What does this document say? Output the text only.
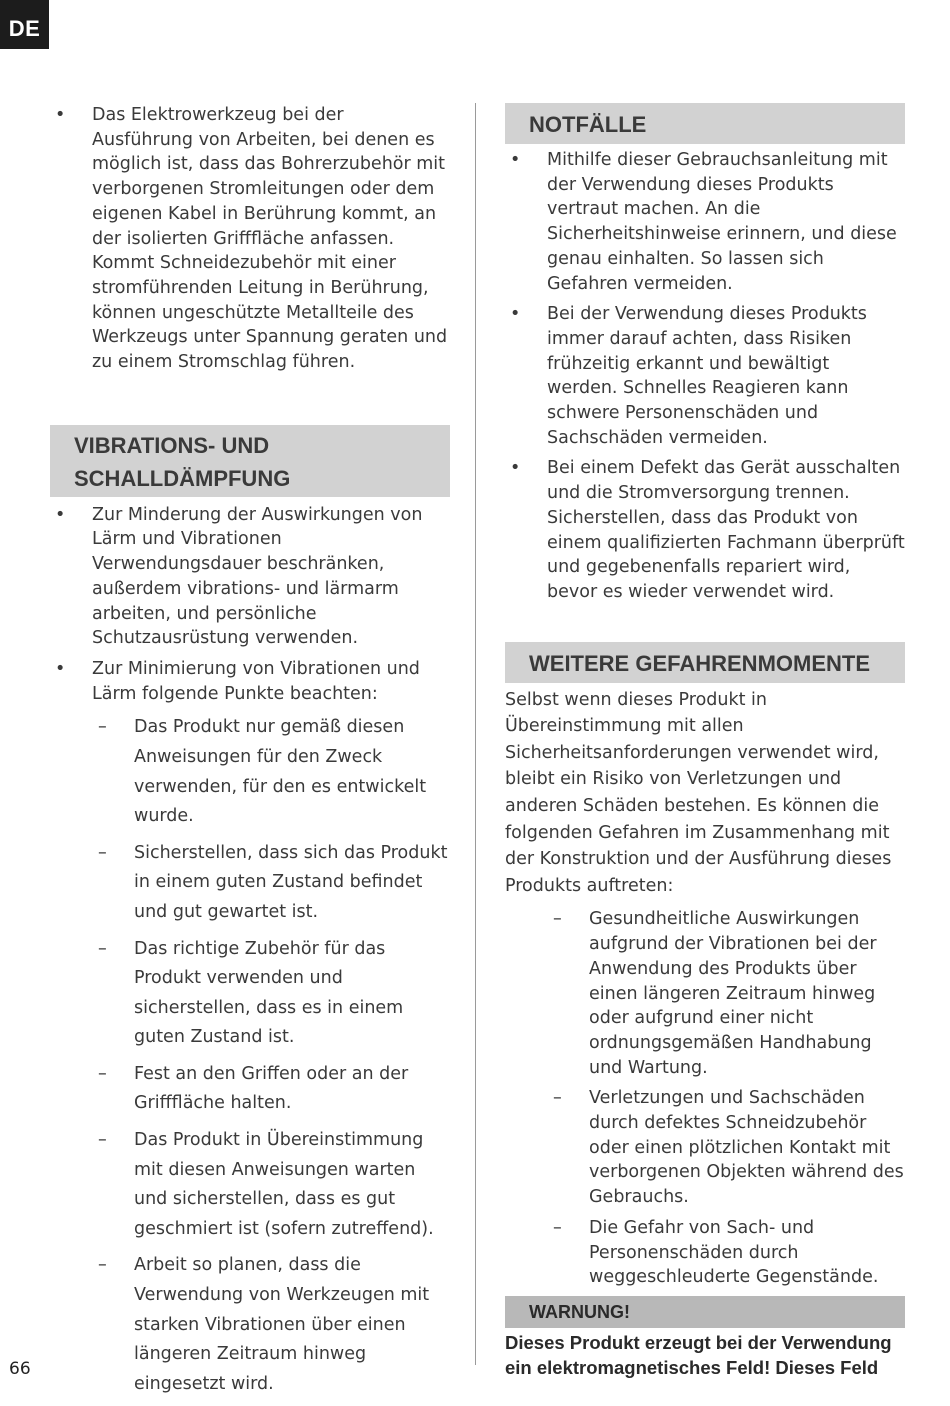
DE
• Das Elektrowerkzeug bei der Ausführung von Arbeiten, bei denen es möglich ist, dass das Bohrerzubehör mit verborgenen Stromleitungen oder dem eigenen Kabel in Berührung kommt, an der isolierten Grifffläche anfassen. Kommt Schneidezubehör mit einer stromführenden Leitung in Berührung, können ungeschützte Metallteile des Werkzeugs unter Spannung geraten und zu einem Stromschlag führen.
VIBRATIONS- UND SCHALLDÄMPFUNG
• Zur Minderung der Auswirkungen von Lärm und Vibrationen Verwendungsdauer beschränken, außerdem vibrations- und lärmarm arbeiten, und persönliche Schutzausrüstung verwenden.
• Zur Minimierung von Vibrationen und Lärm folgende Punkte beachten:
– Das Produkt nur gemäß diesen Anweisungen für den Zweck verwenden, für den es entwickelt wurde.
– Sicherstellen, dass sich das Produkt in einem guten Zustand befindet und gut gewartet ist.
– Das richtige Zubehör für das Produkt verwenden und sicherstellen, dass es in einem guten Zustand ist.
– Fest an den Griffen oder an der Grifffläche halten.
– Das Produkt in Übereinstimmung mit diesen Anweisungen warten und sicherstellen, dass es gut geschmiert ist (sofern zutreffend).
– Arbeit so planen, dass die Verwendung von Werkzeugen mit starken Vibrationen über einen längeren Zeitraum hinweg eingesetzt wird.
NOTFÄLLE
• Mithilfe dieser Gebrauchsanleitung mit der Verwendung dieses Produkts vertraut machen. An die Sicherheitshinweise erinnern, und diese genau einhalten. So lassen sich Gefahren vermeiden.
• Bei der Verwendung dieses Produkts immer darauf achten, dass Risiken frühzeitig erkannt und bewältigt werden. Schnelles Reagieren kann schwere Personenschäden und Sachschäden vermeiden.
• Bei einem Defekt das Gerät ausschalten und die Stromversorgung trennen. Sicherstellen, dass das Produkt von einem qualifizierten Fachmann überprüft und gegebenenfalls repariert wird, bevor es wieder verwendet wird.
WEITERE GEFAHRENMOMENTE

Selbst wenn dieses Produkt in Übereinstimmung mit allen Sicherheitsanforderungen verwendet wird, bleibt ein Risiko von Verletzungen und anderen Schäden bestehen. Es können die folgenden Gefahren im Zusammenhang mit der Konstruktion und der Ausführung dieses Produkts auftreten:

– Gesundheitliche Auswirkungen aufgrund der Vibrationen bei der Anwendung des Produkts über einen längeren Zeitraum hinweg oder aufgrund einer nicht ordnungsgemäßen Handhabung und Wartung.
– Verletzungen und Sachschäden durch defektes Schneidzubehör oder einen plötzlichen Kontakt mit verborgenen Objekten während des Gebrauchs.
– Die Gefahr von Sach- und Personenschäden durch weggeschleuderte Gegenstände.
WARNUNG!
Dieses Produkt erzeugt bei der Verwendung ein elektromagnetisches Feld! Dieses Feld
66
